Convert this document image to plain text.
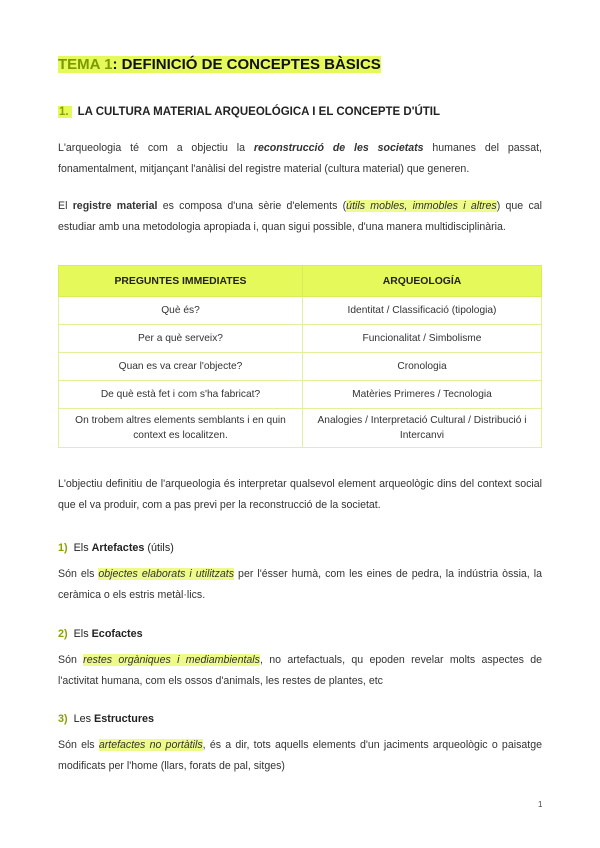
TEMA 1: DEFINICIÓ DE CONCEPTES BÀSICS
1. LA CULTURA MATERIAL ARQUEOLÓGICA I EL CONCEPTE D'ÚTIL

L'arqueologia té com a objectiu la reconstrucció de les societats humanes del passat, fonamentalment, mitjançant l'anàlisi del registre material (cultura material) que generen.

El registre material es composa d'una sèrie d'elements (útils mobles, immobles i altres) que cal estudiar amb una metodologia apropiada i, quan sigui possible, d'una manera multidisciplinària.

PREGUNTES IMMEDIATES	ARQUEOLOGÍA
Què és?	Identitat / Classificació (tipologia)
Per a què serveix?	Funcionalitat / Simbolisme
Quan es va crear l'objecte?	Cronologia
De què està fet i com s'ha fabricat?	Matèries Primeres / Tecnologia
On trobem altres elements semblants i en quin context es localitzen.	Analogies / Interpretació Cultural / Distribució i Intercanvi

L'objectiu definitiu de l'arqueologia és interpretar qualsevol element arqueològic dins del context social que el va produir, com a pas previ per la reconstrucció de la societat.

1) Els Artefactes (útils)

Són els objectes elaborats i utilitzats per l'ésser humà, com les eines de pedra, la indústria òssia, la ceràmica o els estris metàl·lics.

2) Els Ecofactes

Són restes orgàniques i mediambientals, no artefactuals, qu epoden revelar molts aspectes de l'activitat humana, com els ossos d'animals, les restes de plantes, etc

3) Les Estructures

Són els artefactes no portàtils, és a dir, tots aquells elements d'un jaciments arqueològic o paisatge modificats per l'home (llars, forats de pal, sitges)

1
